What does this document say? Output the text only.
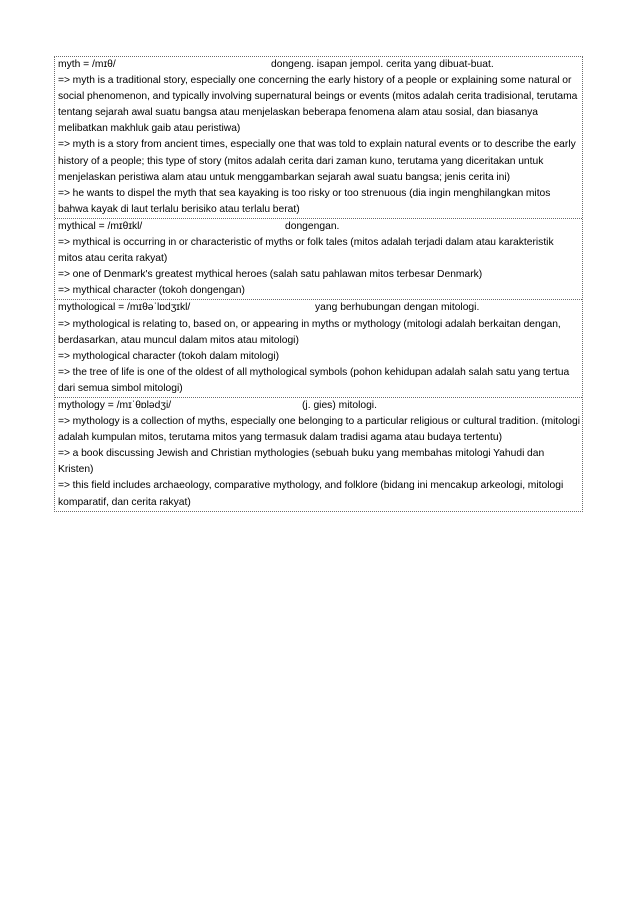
myth = /mɪθ/	dongeng. isapan jempol. cerita yang dibuat-buat.
=> myth is a traditional story, especially one concerning the early history of a people or explaining some natural or social phenomenon, and typically involving supernatural beings or events (mitos adalah cerita tradisional, terutama tentang sejarah awal suatu bangsa atau menjelaskan beberapa fenomena alam atau sosial, dan biasanya melibatkan makhluk gaib atau peristiwa)
=> myth is a story from ancient times, especially one that was told to explain natural events or to describe the early history of a people; this type of story (mitos adalah cerita dari zaman kuno, terutama yang diceritakan untuk menjelaskan peristiwa alam atau untuk menggambarkan sejarah awal suatu bangsa; jenis cerita ini)
=> he wants to dispel the myth that sea kayaking is too risky or too strenuous (dia ingin menghilangkan mitos bahwa kayak di laut terlalu berisiko atau terlalu berat)
mythical = /mɪθɪkl/	dongengan.
=> mythical is occurring in or characteristic of myths or folk tales (mitos adalah terjadi dalam atau karakteristik mitos atau cerita rakyat)
=> one of Denmark's greatest mythical heroes (salah satu pahlawan mitos terbesar Denmark)
=> mythical character (tokoh dongengan)
mythological = /mɪθəˈlɒdʒɪkl/	yang berhubungan dengan mitologi.
=> mythological is relating to, based on, or appearing in myths or mythology (mitologi adalah berkaitan dengan, berdasarkan, atau muncul dalam mitos atau mitologi)
=> mythological character (tokoh dalam mitologi)
=> the tree of life is one of the oldest of all mythological symbols (pohon kehidupan adalah salah satu yang tertua dari semua simbol mitologi)
mythology = /mɪˈθɒlədʒi/	(j. gies) mitologi.
=> mythology is a collection of myths, especially one belonging to a particular religious or cultural tradition. (mitologi adalah kumpulan mitos, terutama mitos yang termasuk dalam tradisi agama atau budaya tertentu)
=> a book discussing Jewish and Christian mythologies (sebuah buku yang membahas mitologi Yahudi dan Kristen)
=> this field includes archaeology, comparative mythology, and folklore (bidang ini mencakup arkeologi, mitologi komparatif, dan cerita rakyat)
